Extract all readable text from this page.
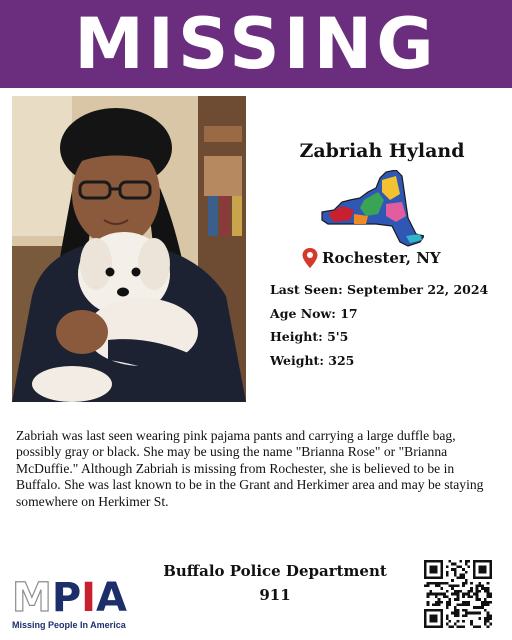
MISSING
Zabriah Hyland
Rochester, NY
Last Seen: September 22, 2024
Age Now: 17
Height: 5'5
Weight: 325

Zabriah was last seen wearing pink pajama pants and carrying a large duffle bag, possibly gray or black. She may be using the name "Brianna Rose" or "Brianna McDuffie." Although Zabriah is missing from Rochester, she is believed to be in Buffalo. She was last known to be in the Grant and Herkimer area and may be staying somewhere on Herkimer St.

M P I A
Missing People In America
Buffalo Police Department
911
